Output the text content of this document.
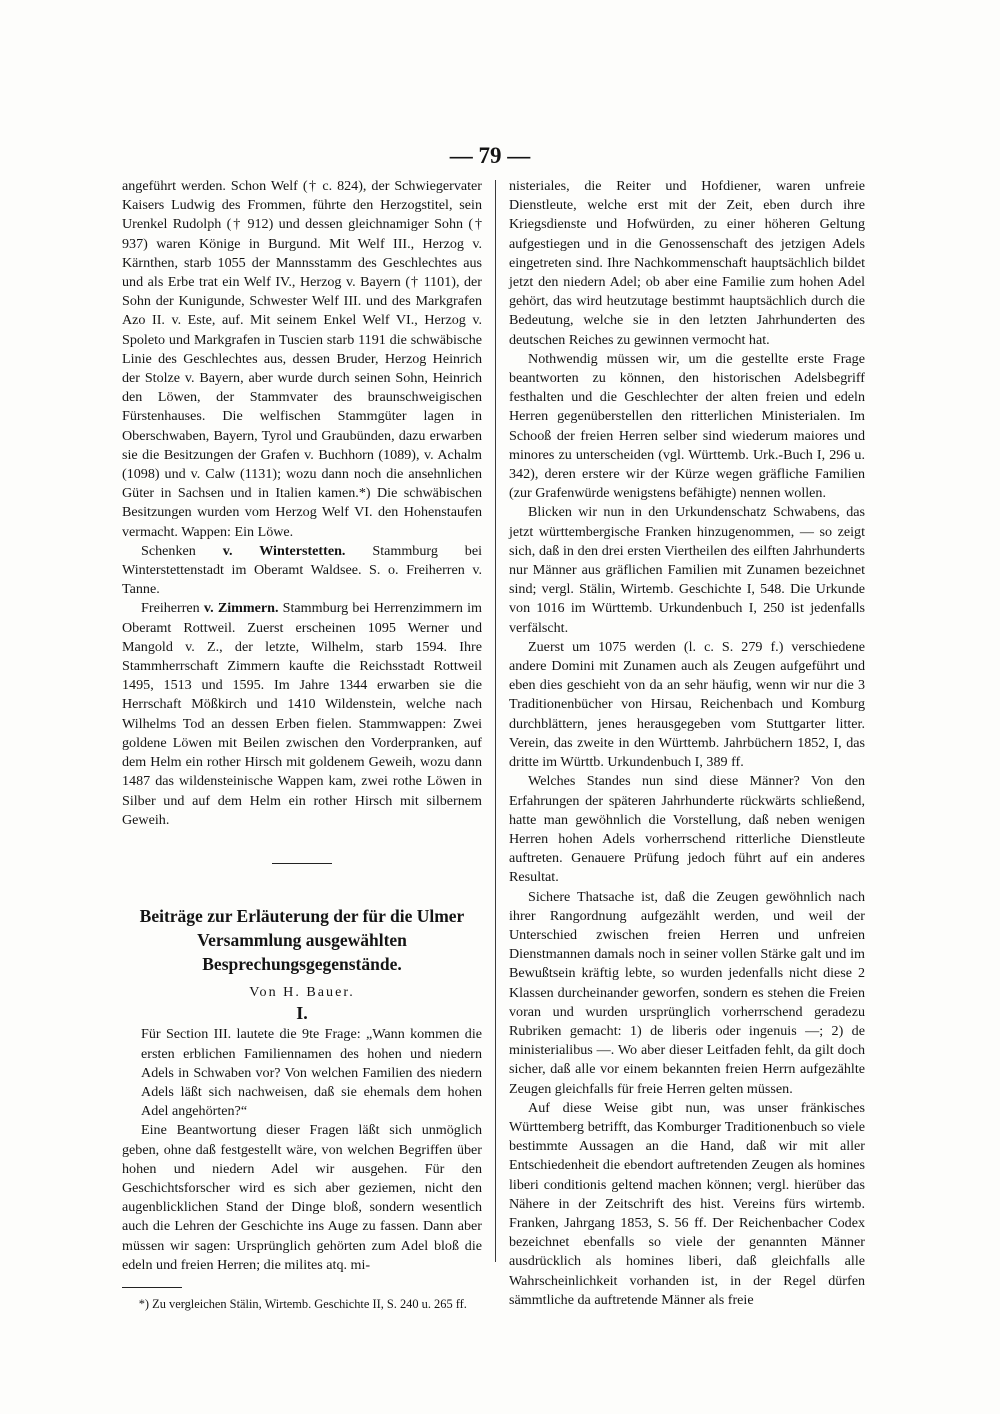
— 79 —

angeführt werden. Schon Welf († c. 824), der Schwiegervater Kaisers Ludwig des Frommen, führte den Herzogstitel, sein Urenkel Rudolph († 912) und dessen gleichnamiger Sohn († 937) waren Könige in Burgund. Mit Welf III., Herzog v. Kärnthen, starb 1055 der Mannsstamm des Geschlechtes aus und als Erbe trat ein Welf IV., Herzog v. Bayern († 1101), der Sohn der Kunigunde, Schwester Welf III. und des Markgrafen Azo II. v. Este, auf. Mit seinem Enkel Welf VI., Herzog v. Spoleto und Markgrafen in Tuscien starb 1191 die schwäbische Linie des Geschlechtes aus, dessen Bruder, Herzog Heinrich der Stolze v. Bayern, aber wurde durch seinen Sohn, Heinrich den Löwen, der Stammvater des braunschweigischen Fürstenhauses. Die welfischen Stammgüter lagen in Oberschwaben, Bayern, Tyrol und Graubünden, dazu erwarben sie die Besitzungen der Grafen v. Buchhorn (1089), v. Achalm (1098) und v. Calw (1131); wozu dann noch die ansehnlichen Güter in Sachsen und in Italien kamen.*) Die schwäbischen Besitzungen wurden vom Herzog Welf VI. den Hohenstaufen vermacht. Wappen: Ein Löwe.

Schenken v. Winterstetten. Stammburg bei Winterstettenstadt im Oberamt Waldsee. S. o. Freiherren v. Tanne.

Freiherren v. Zimmern. Stammburg bei Herrenzimmern im Oberamt Rottweil. Zuerst erscheinen 1095 Werner und Mangold v. Z., der letzte, Wilhelm, starb 1594. Ihre Stammherrschaft Zimmern kaufte die Reichsstadt Rottweil 1495, 1513 und 1595. Im Jahre 1344 erwarben sie die Herrschaft Mößkirch und 1410 Wildenstein, welche nach Wilhelms Tod an dessen Erben fielen. Stammwappen: Zwei goldene Löwen mit Beilen zwischen den Vorderpranken, auf dem Helm ein rother Hirsch mit goldenem Geweih, wozu dann 1487 das wildensteinische Wappen kam, zwei rothe Löwen in Silber und auf dem Helm ein rother Hirsch mit silbernem Geweih.

Beiträge zur Erläuterung der für die Ulmer Versammlung ausgewählten Besprechungsgegenstände.
Von H. Bauer.
I.

Für Section III. lautete die 9te Frage: „Wann kommen die ersten erblichen Familiennamen des hohen und niedern Adels in Schwaben vor? Von welchen Familien des niedern Adels läßt sich nachweisen, daß sie ehemals dem hohen Adel angehörten?“

Eine Beantwortung dieser Fragen läßt sich unmöglich geben, ohne daß festgestellt wäre, von welchen Begriffen über hohen und niedern Adel wir ausgehen. Für den Geschichtsforscher wird es sich aber geziemen, nicht den augenblicklichen Stand der Dinge bloß, sondern wesentlich auch die Lehren der Geschichte ins Auge zu fassen. Dann aber müssen wir sagen: Ursprünglich gehörten zum Adel bloß die edeln und freien Herren; die milites atq. mi-

*) Zu vergleichen Stälin, Wirtemb. Geschichte II, S. 240 u. 265 ff.

nisteriales, die Reiter und Hofdiener, waren unfreie Dienstleute, welche erst mit der Zeit, eben durch ihre Kriegsdienste und Hofwürden, zu einer höheren Geltung aufgestiegen und in die Genossenschaft des jetzigen Adels eingetreten sind. Ihre Nachkommenschaft hauptsächlich bildet jetzt den niedern Adel; ob aber eine Familie zum hohen Adel gehört, das wird heutzutage bestimmt hauptsächlich durch die Bedeutung, welche sie in den letzten Jahrhunderten des deutschen Reiches zu gewinnen vermocht hat.

Nothwendig müssen wir, um die gestellte erste Frage beantworten zu können, den historischen Adelsbegriff festhalten und die Geschlechter der alten freien und edeln Herren gegenüberstellen den ritterlichen Ministerialen. Im Schooß der freien Herren selber sind wiederum maiores und minores zu unterscheiden (vgl. Württemb. Urk.-Buch I, 296 u. 342), deren erstere wir der Kürze wegen gräfliche Familien (zur Grafenwürde wenigstens befähigte) nennen wollen.

Blicken wir nun in den Urkundenschatz Schwabens, das jetzt württembergische Franken hinzugenommen, — so zeigt sich, daß in den drei ersten Viertheilen des eilften Jahrhunderts nur Männer aus gräflichen Familien mit Zunamen bezeichnet sind; vergl. Stälin, Wirtemb. Geschichte I, 548. Die Urkunde von 1016 im Württemb. Urkundenbuch I, 250 ist jedenfalls verfälscht.

Zuerst um 1075 werden (l. c. S. 279 f.) verschiedene andere Domini mit Zunamen auch als Zeugen aufgeführt und eben dies geschieht von da an sehr häufig, wenn wir nur die 3 Traditionenbücher von Hirsau, Reichenbach und Komburg durchblättern, jenes herausgegeben vom Stuttgarter litter. Verein, das zweite in den Württemb. Jahrbüchern 1852, I, das dritte im Württb. Urkundenbuch I, 389 ff.

Welches Standes nun sind diese Männer? Von den Erfahrungen der späteren Jahrhunderte rückwärts schließend, hatte man gewöhnlich die Vorstellung, daß neben wenigen Herren hohen Adels vorherrschend ritterliche Dienstleute auftreten. Genauere Prüfung jedoch führt auf ein anderes Resultat.

Sichere Thatsache ist, daß die Zeugen gewöhnlich nach ihrer Rangordnung aufgezählt werden, und weil der Unterschied zwischen freien Herren und unfreien Dienstmannen damals noch in seiner vollen Stärke galt und im Bewußtsein kräftig lebte, so wurden jedenfalls nicht diese 2 Klassen durcheinander geworfen, sondern es stehen die Freien voran und wurden ursprünglich vorherrschend geradezu Rubriken gemacht: 1) de liberis oder ingenuis —; 2) de ministerialibus —. Wo aber dieser Leitfaden fehlt, da gilt doch sicher, daß alle vor einem bekannten freien Herrn aufgezählte Zeugen gleichfalls für freie Herren gelten müssen.

Auf diese Weise gibt nun, was unser fränkisches Württemberg betrifft, das Komburger Traditionenbuch so viele bestimmte Aussagen an die Hand, daß wir mit aller Entschiedenheit die ebendort auftretenden Zeugen als homines liberi conditionis geltend machen können; vergl. hierüber das Nähere in der Zeitschrift des hist. Vereins fürs wirtemb. Franken, Jahrgang 1853, S. 56 ff. Der Reichenbacher Codex bezeichnet ebenfalls so viele der genannten Männer ausdrücklich als homines liberi, daß gleichfalls alle Wahrscheinlichkeit vorhanden ist, in der Regel dürfen sämmtliche da auftretende Männer als freie
